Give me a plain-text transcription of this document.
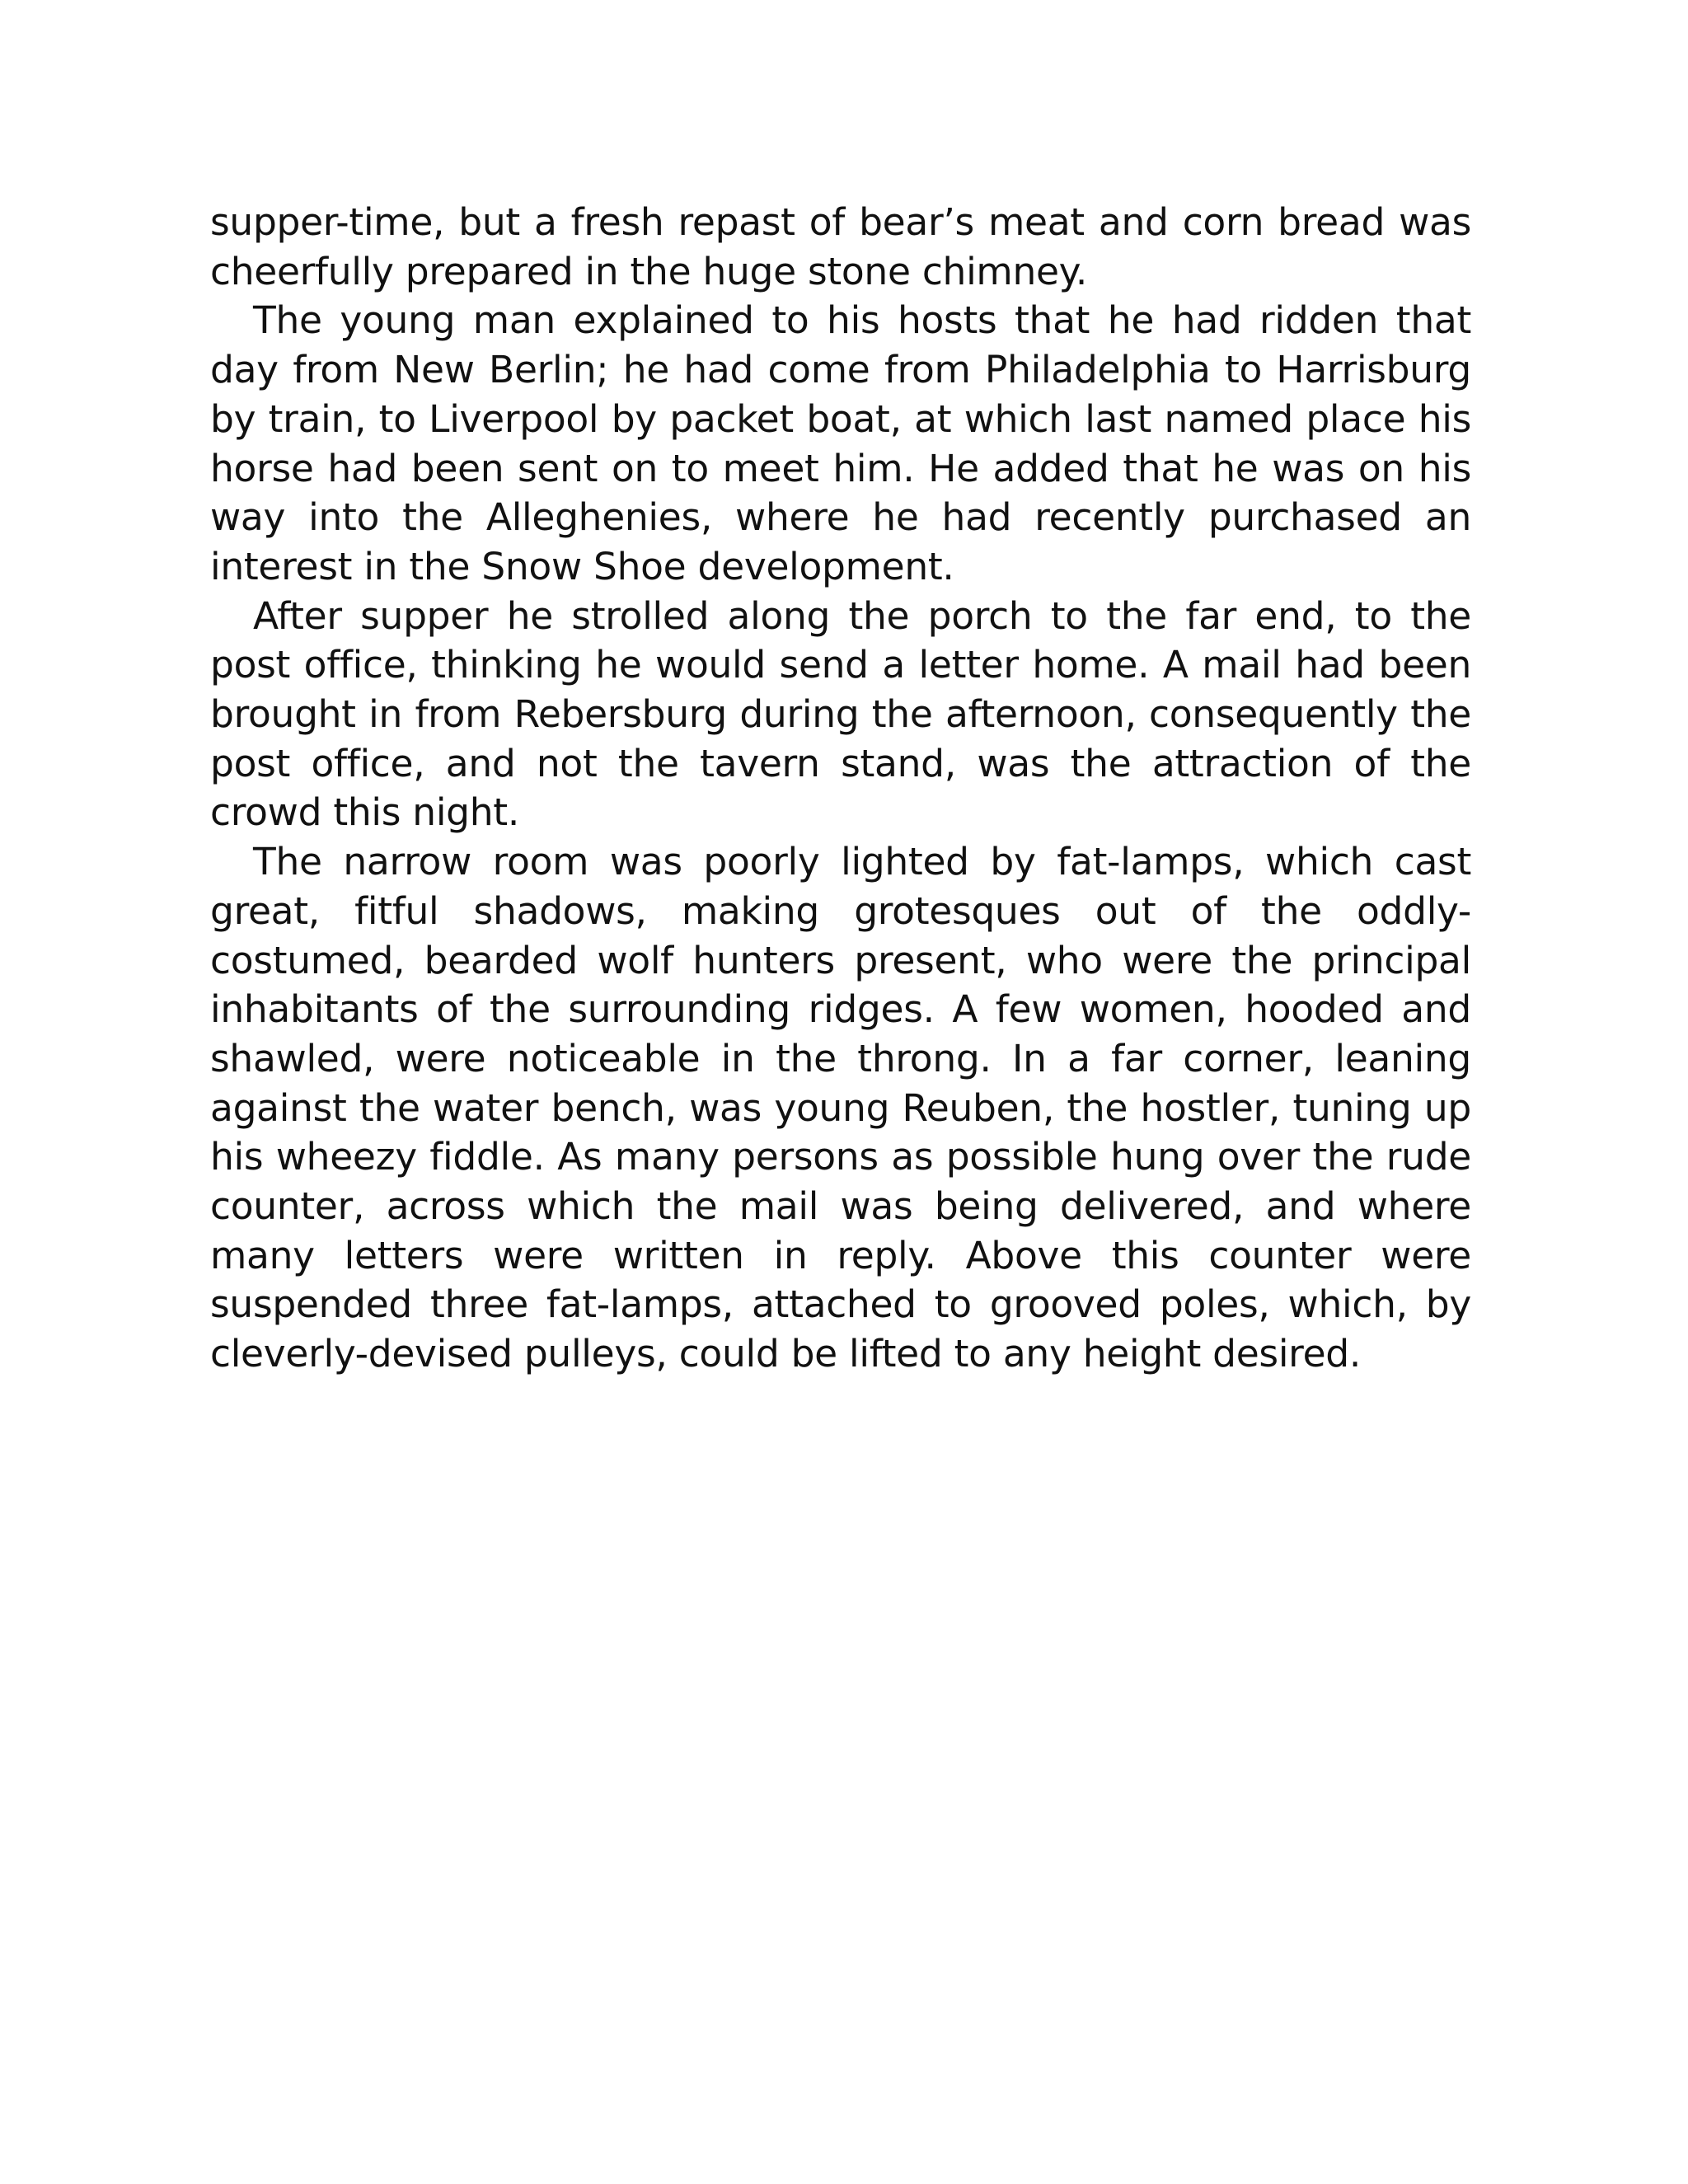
supper-time, but a fresh repast of bear’s meat and corn bread was cheerfully prepared in the huge stone chimney.

The young man explained to his hosts that he had ridden that day from New Berlin; he had come from Philadelphia to Harrisburg by train, to Liverpool by packet boat, at which last named place his horse had been sent on to meet him. He added that he was on his way into the Alleghenies, where he had recently purchased an interest in the Snow Shoe development.

After supper he strolled along the porch to the far end, to the post office, thinking he would send a letter home. A mail had been brought in from Rebersburg during the afternoon, consequently the post office, and not the tavern stand, was the attraction of the crowd this night.

The narrow room was poorly lighted by fat-lamps, which cast great, fitful shadows, making grotesques out of the oddly-costumed, bearded wolf hunters present, who were the principal inhabitants of the surrounding ridges. A few women, hooded and shawled, were noticeable in the throng. In a far corner, leaning against the water bench, was young Reuben, the hostler, tuning up his wheezy fiddle. As many persons as possible hung over the rude counter, across which the mail was being delivered, and where many letters were written in reply. Above this counter were suspended three fat-lamps, attached to grooved poles, which, by cleverly-devised pulleys, could be lifted to any height desired.
